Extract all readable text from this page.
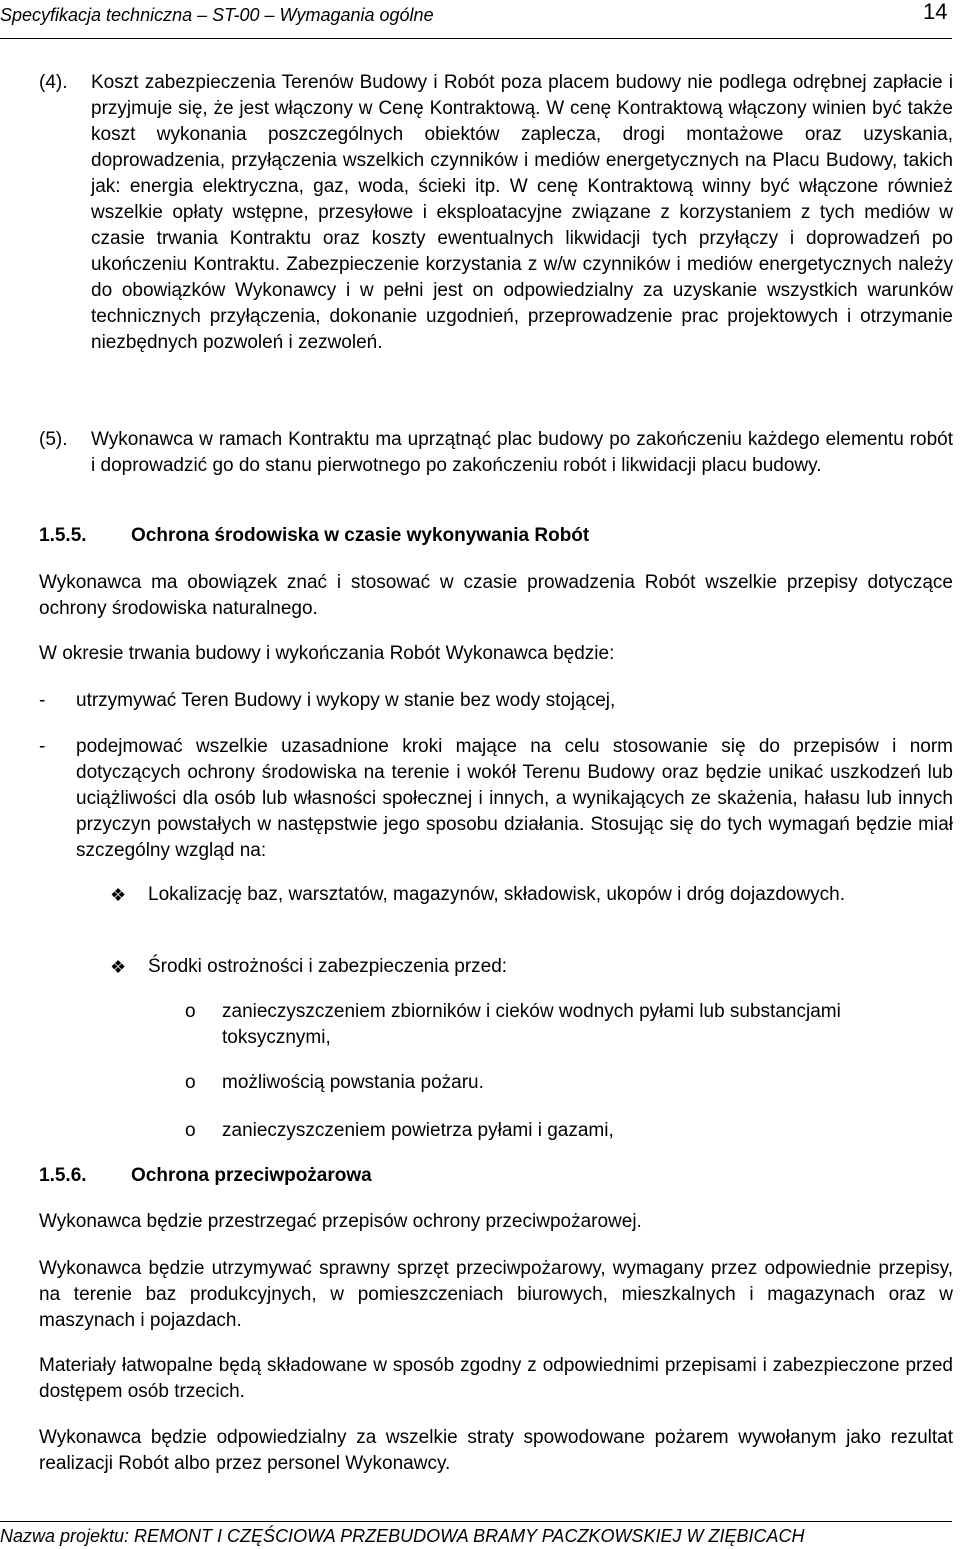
Specyfikacja techniczna – ST-00 – Wymagania ogólne	14
(4). Koszt zabezpieczenia Terenów Budowy i Robót poza placem budowy nie podlega odrębnej zapłacie i przyjmuje się, że jest włączony w Cenę Kontraktową. W cenę Kontraktową włączony winien być także koszt wykonania poszczególnych obiektów zaplecza, drogi montażowe oraz uzyskania, doprowadzenia, przyłączenia wszelkich czynników i mediów energetycznych na Placu Budowy, takich jak: energia elektryczna, gaz, woda, ścieki itp. W cenę Kontraktową winny być włączone również wszelkie opłaty wstępne, przesyłowe i eksploatacyjne związane z korzystaniem z tych mediów w czasie trwania Kontraktu oraz koszty ewentualnych likwidacji tych przyłączy i doprowadzeń po ukończeniu Kontraktu. Zabezpieczenie korzystania z w/w czynników i mediów energetycznych należy do obowiązków Wykonawcy i w pełni jest on odpowiedzialny za uzyskanie wszystkich warunków technicznych przyłączenia, dokonanie uzgodnień, przeprowadzenie prac projektowych i otrzymanie niezbędnych pozwoleń i zezwoleń.
(5). Wykonawca w ramach Kontraktu ma uprzątnąć plac budowy po zakończeniu każdego elementu robót i doprowadzić go do stanu pierwotnego po zakończeniu robót i likwidacji placu budowy.
1.5.5. Ochrona środowiska w czasie wykonywania Robót
Wykonawca ma obowiązek znać i stosować w czasie prowadzenia Robót wszelkie przepisy dotyczące ochrony środowiska naturalnego.
W okresie trwania budowy i wykończania Robót Wykonawca będzie:
- utrzymywać Teren Budowy i wykopy w stanie bez wody stojącej,
- podejmować wszelkie uzasadnione kroki mające na celu stosowanie się do przepisów i norm dotyczących ochrony środowiska na terenie i wokół Terenu Budowy oraz będzie unikać uszkodzeń lub uciążliwości dla osób lub własności społecznej i innych, a wynikających ze skażenia, hałasu lub innych przyczyn powstałych w następstwie jego sposobu działania. Stosując się do tych wymagań będzie miał szczególny wzgląd na:
❖ Lokalizację baz, warsztatów, magazynów, składowisk, ukopów i dróg dojazdowych.
❖ Środki ostrożności i zabezpieczenia przed:
o zanieczyszczeniem zbiorników i cieków wodnych pyłami lub substancjami toksycznymi,
o możliwością powstania pożaru.
o zanieczyszczeniem powietrza pyłami i gazami,
1.5.6. Ochrona przeciwpożarowa
Wykonawca będzie przestrzegać przepisów ochrony przeciwpożarowej.
Wykonawca będzie utrzymywać sprawny sprzęt przeciwpożarowy, wymagany przez odpowiednie przepisy, na terenie baz produkcyjnych, w pomieszczeniach biurowych, mieszkalnych i magazynach oraz w maszynach i pojazdach.
Materiały łatwopalne będą składowane w sposób zgodny z odpowiednimi przepisami i zabezpieczone przed dostępem osób trzecich.
Wykonawca będzie odpowiedzialny za wszelkie straty spowodowane pożarem wywołanym jako rezultat realizacji Robót albo przez personel Wykonawcy.
Nazwa projektu: REMONT I CZĘŚCIOWA PRZEBUDOWA BRAMY PACZKOWSKIEJ W ZIĘBICACH
